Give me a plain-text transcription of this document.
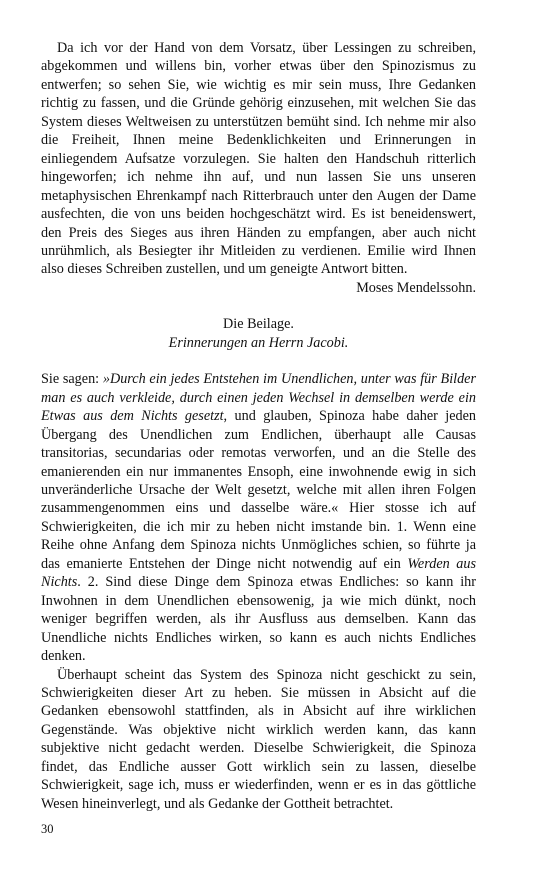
Da ich vor der Hand von dem Vorsatz, über Lessingen zu schreiben, abgekommen und willens bin, vorher etwas über den Spinozismus zu entwerfen; so sehen Sie, wie wichtig es mir sein muss, Ihre Gedanken richtig zu fassen, und die Gründe gehörig einzusehen, mit welchen Sie das System dieses Weltweisen zu unterstützen bemüht sind. Ich nehme mir also die Freiheit, Ihnen meine Bedenklichkeiten und Erinnerungen in einliegendem Aufsatze vorzulegen. Sie halten den Handschuh ritterlich hingeworfen; ich nehme ihn auf, und nun lassen Sie uns unseren metaphysischen Ehrenkampf nach Ritterbrauch unter den Augen der Dame ausfechten, die von uns beiden hochgeschätzt wird. Es ist beneidenswert, den Preis des Sieges aus ihren Händen zu empfangen, aber auch nicht unrühmlich, als Besiegter ihr Mitleiden zu verdienen. Emilie wird Ihnen also dieses Schreiben zustellen, und um geneigte Antwort bitten.

Moses Mendelssohn.

Die Beilage.

Erinnerungen an Herrn Jacobi.

Sie sagen: »Durch ein jedes Entstehen im Unendlichen, unter was für Bilder man es auch verkleide, durch einen jeden Wechsel in demselben werde ein Etwas aus dem Nichts gesetzt, und glauben, Spinoza habe daher jeden Übergang des Unendlichen zum Endlichen, überhaupt alle Causas transitorias, secundarias oder remotas verworfen, und an die Stelle des emanierenden ein nur immanentes Ensoph, eine inwohnende ewig in sich unveränderliche Ursache der Welt gesetzt, welche mit allen ihren Folgen zusammengenommen eins und dasselbe wäre.« Hier stosse ich auf Schwierigkeiten, die ich mir zu heben nicht imstande bin. 1. Wenn eine Reihe ohne Anfang dem Spinoza nichts Unmögliches schien, so führte ja das emanierte Entstehen der Dinge nicht notwendig auf ein Werden aus Nichts. 2. Sind diese Dinge dem Spinoza etwas Endliches: so kann ihr Inwohnen in dem Unendlichen ebensowenig, ja wie mich dünkt, noch weniger begriffen werden, als ihr Ausfluss aus demselben. Kann das Unendliche nichts Endliches wirken, so kann es auch nichts Endliches denken.

Überhaupt scheint das System des Spinoza nicht geschickt zu sein, Schwierigkeiten dieser Art zu heben. Sie müssen in Absicht auf die Gedanken ebensowohl stattfinden, als in Absicht auf ihre wirklichen Gegenstände. Was objektive nicht wirklich werden kann, das kann subjektive nicht gedacht werden. Dieselbe Schwierigkeit, die Spinoza findet, das Endliche ausser Gott wirklich sein zu lassen, dieselbe Schwierigkeit, sage ich, muss er wiederfinden, wenn er es in das göttliche Wesen hineinverlegt, und als Gedanke der Gottheit betrachtet.

30
